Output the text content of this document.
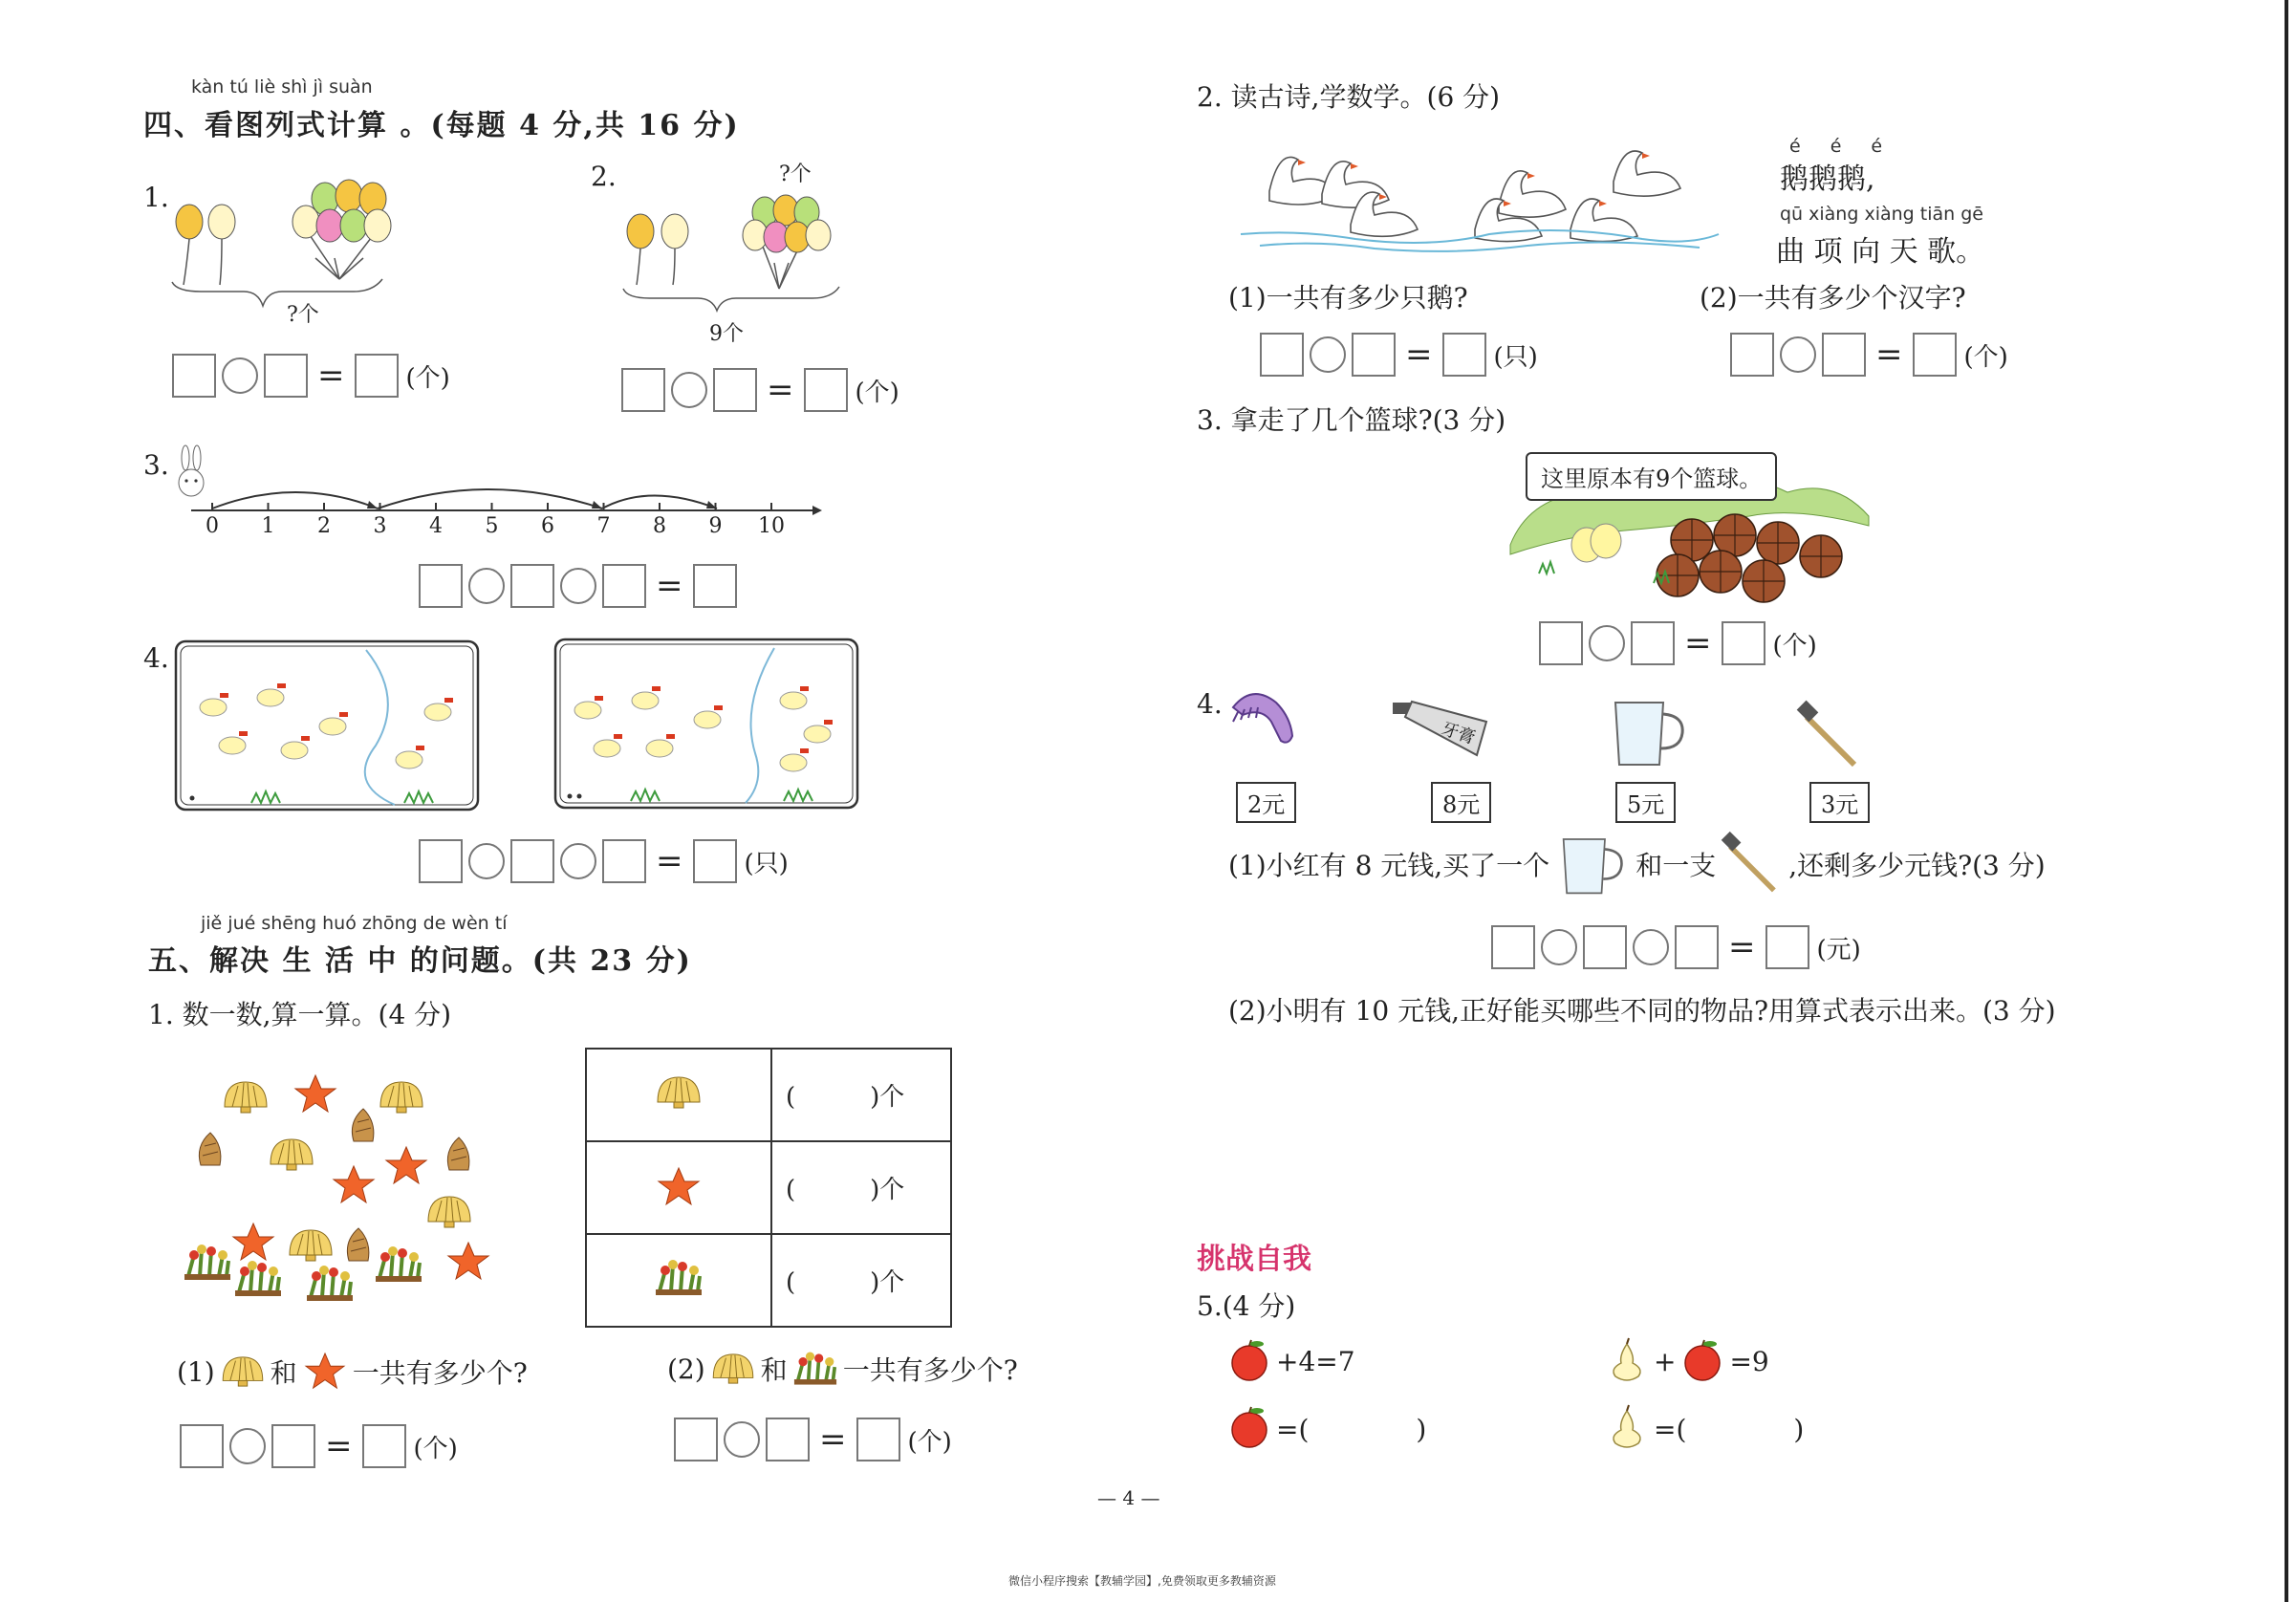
kàn tú liè shì jì suàn
四、看图列式计算 。(每题 4 分,共 16 分)
1.
?个
= (个)
2.	?个
9个
= (个)
3.
0 1 2 3 4 5 6 7 8 9 10
=
4.
= (只)
jiě jué shēng huó zhōng de wèn tí
五、解决 生 活 中 的问题。(共 23 分)
1. 数一数,算一算。(4 分)
	(　　　)个
	(　　　)个
	(　　　)个
(1) 和 一共有多少个?	(2) 和 一共有多少个?
= (个)	= (个)
2. 读古诗,学数学。(6 分)
é　é　é
鹅鹅鹅,
qū xiàng xiàng tiān gē
曲 项 向 天 歌。
(1)一共有多少只鹅?	(2)一共有多少个汉字?
= (只)	= (个)
3. 拿走了几个篮球?(3 分)
这里原本有9个篮球。
= (个)
4.
牙膏
2元	8元	5元	3元
(1)小红有 8 元钱,买了一个	和一支	,还剩多少元钱?(3 分)
= (元)
(2)小明有 10 元钱,正好能买哪些不同的物品?用算式表示出来。(3 分)
挑战自我
5.(4 分)
+4=7	+ =9
=(　　　　)	=(　　　　)
— 4 —
微信小程序搜索【教辅学园】,免费领取更多教辅资源
